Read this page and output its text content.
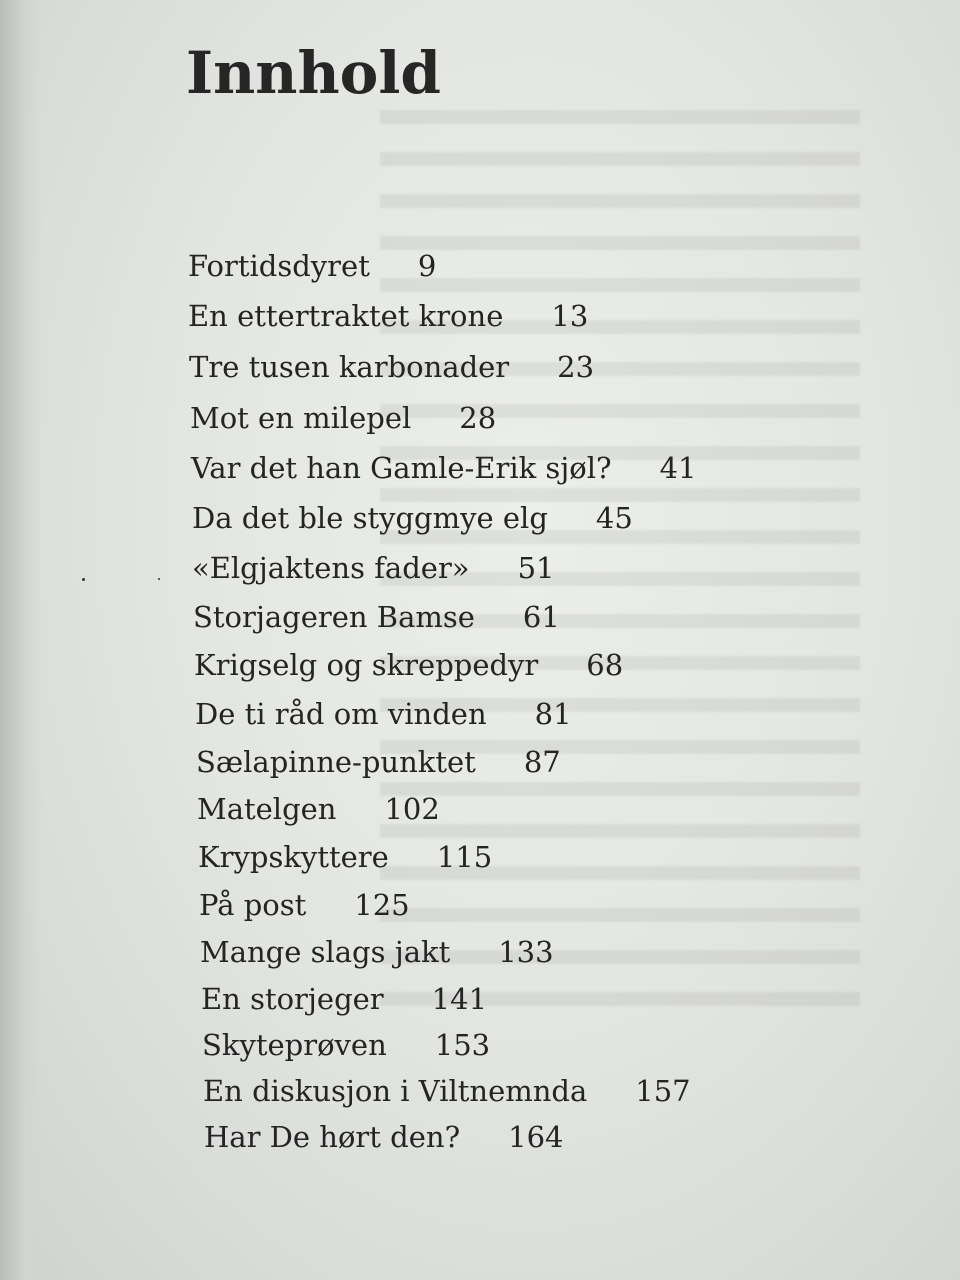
Innhold
Fortidsdyret 9
En ettertraktet krone 13
Tre tusen karbonader 23
Mot en milepel 28
Var det han Gamle-Erik sjøl? 41
Da det ble styggmye elg 45
«Elgjaktens fader» 51
Storjageren Bamse 61
Krigselg og skreppedyr 68
De ti råd om vinden 81
Sælapinne-punktet 87
Matelgen 102
Krypskyttere 115
På post 125
Mange slags jakt 133
En storjeger 141
Skyteprøven 153
En diskusjon i Viltnemnda 157
Har De hørt den? 164
